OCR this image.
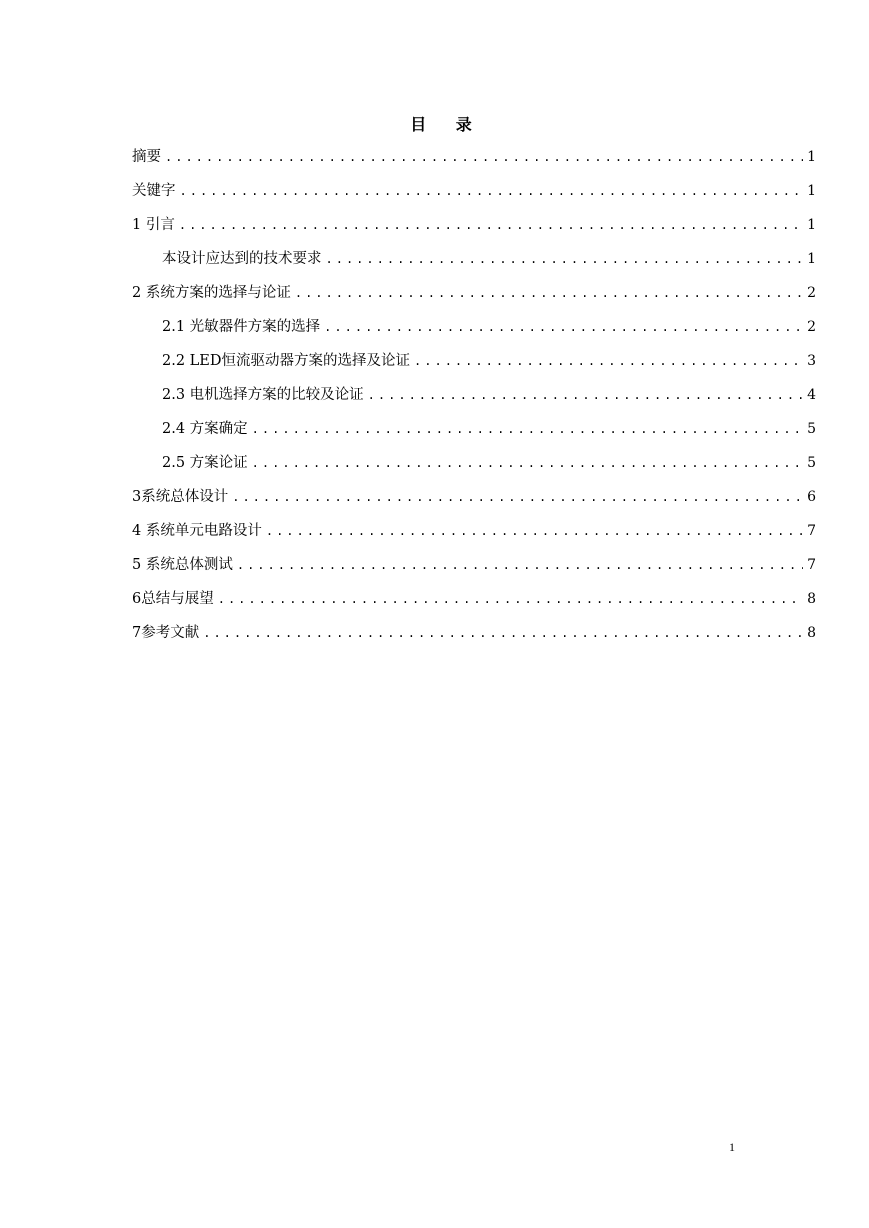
目 录
摘要 .....	1
关键字 .....	1
1 引言 .....	1
本设计应达到的技术要求 .....	1
2 系统方案的选择与论证 .....	2
2.1 光敏器件方案的选择 .....	2
2.2 LED恒流驱动器方案的选择及论证 .....	3
2.3 电机选择方案的比较及论证 .....	4
2.4 方案确定 .....	5
2.5 方案论证 .....	5
3系统总体设计 .....	6
4 系统单元电路设计 .....	7
5 系统总体测试 .....	7
6总结与展望 .....	8
7参考文献 .....	8
1
